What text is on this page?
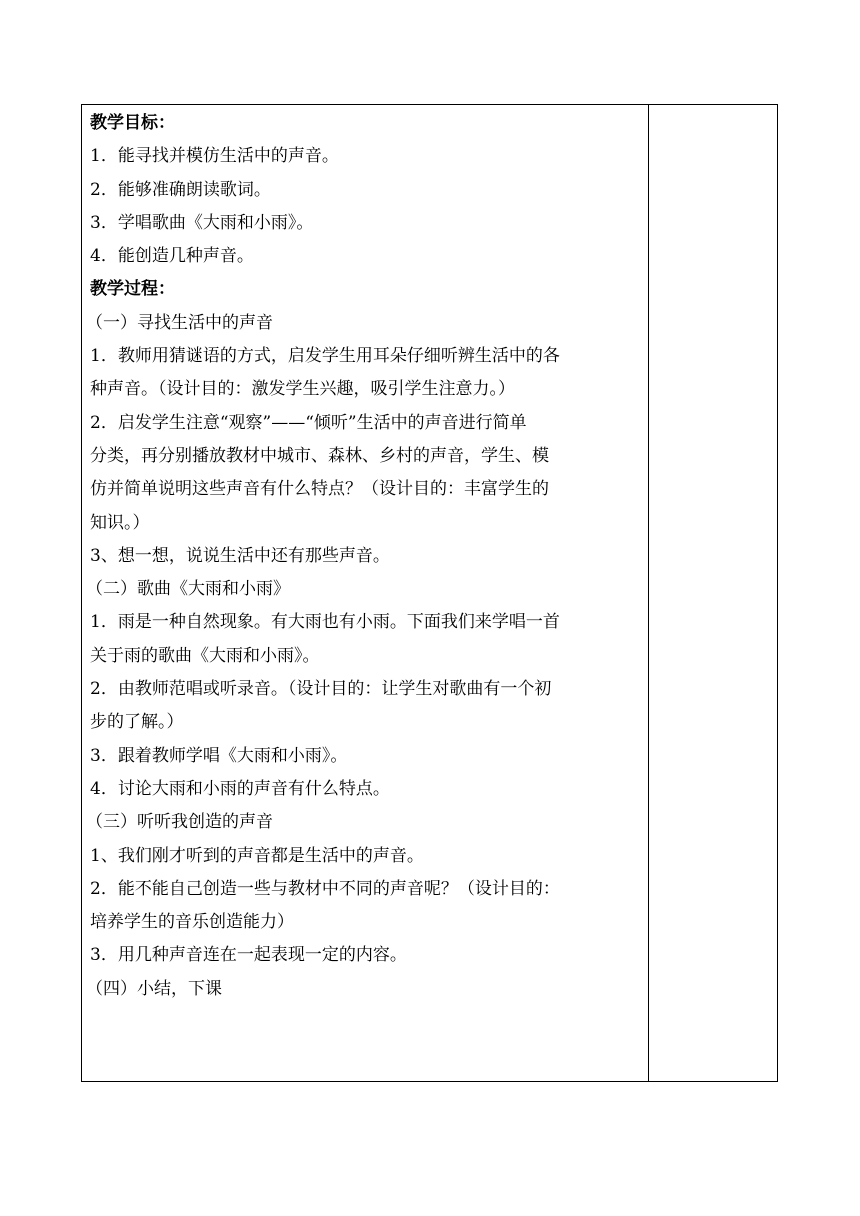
教学目标：
1．能寻找并模仿生活中的声音。
2．能够准确朗读歌词。
3．学唱歌曲《大雨和小雨》。
4．能创造几种声音。
教学过程：
（一）寻找生活中的声音
1．教师用猜谜语的方式，启发学生用耳朵仔细听辨生活中的各
种声音。（设计目的：激发学生兴趣，吸引学生注意力。）
2．启发学生注意“观察”——“倾听”生活中的声音进行简单
分类，再分别播放教材中城市、森林、乡村的声音，学生、模
仿并简单说明这些声音有什么特点？（设计目的：丰富学生的
知识。）
3、想一想，说说生活中还有那些声音。
（二）歌曲《大雨和小雨》
1．雨是一种自然现象。有大雨也有小雨。下面我们来学唱一首
关于雨的歌曲《大雨和小雨》。
2．由教师范唱或听录音。（设计目的：让学生对歌曲有一个初
步的了解。）
3．跟着教师学唱《大雨和小雨》。
4．讨论大雨和小雨的声音有什么特点。
（三）听听我创造的声音
1、我们刚才听到的声音都是生活中的声音。
2．能不能自己创造一些与教材中不同的声音呢？（设计目的：
培养学生的音乐创造能力）
3．用几种声音连在一起表现一定的内容。
（四）小结，下课
